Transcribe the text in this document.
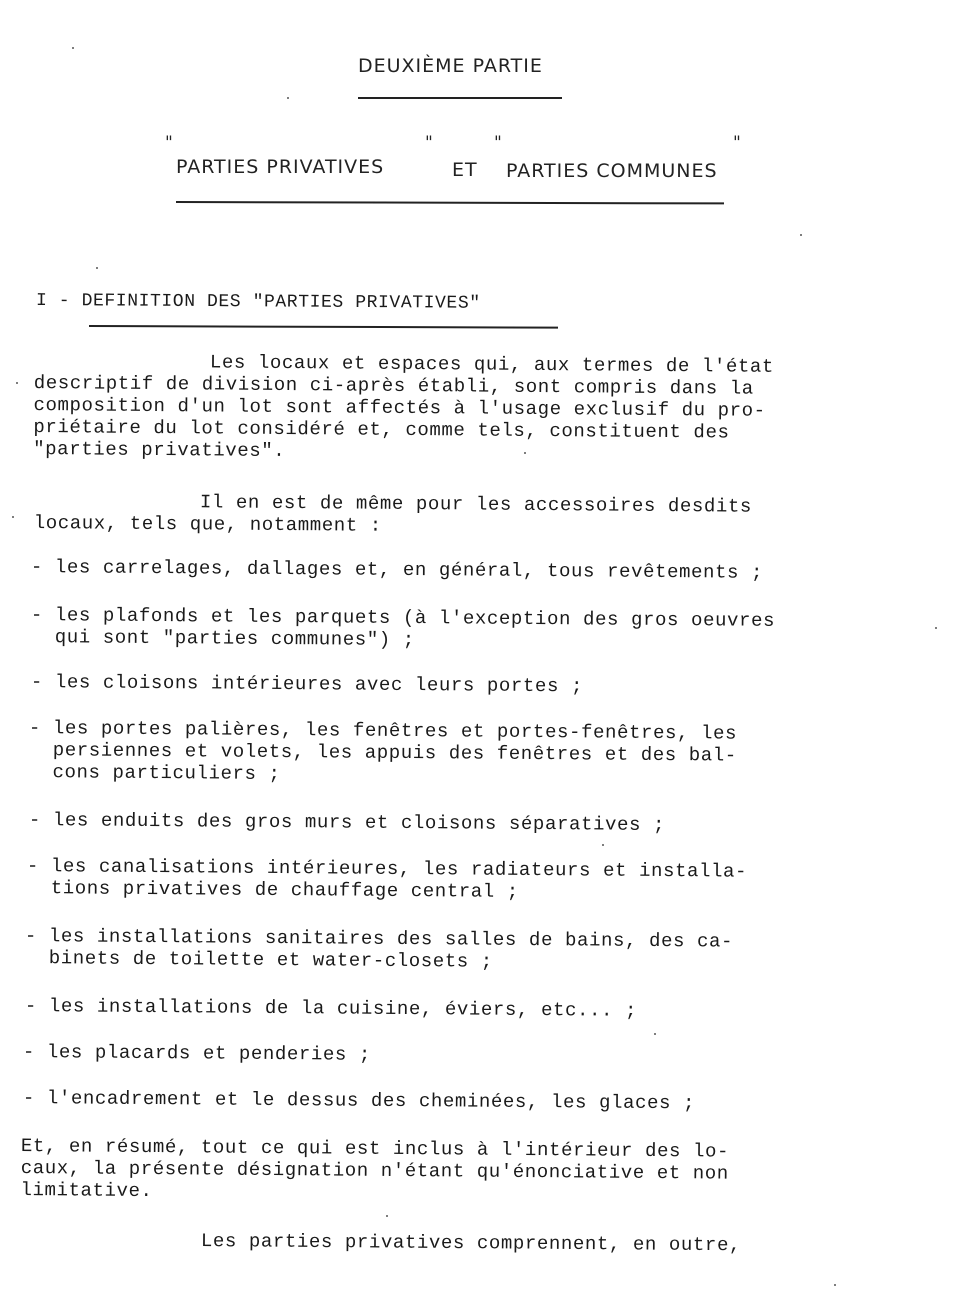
DEUXIÈME PARTIE
"	"	"	"
PARTIES PRIVATIVES	ET PARTIES COMMUNES
I - DEFINITION DES "PARTIES PRIVATIVES"
Les locaux et espaces qui, aux termes de l'état
descriptif de division ci-après établi, sont compris dans la
composition d'un lot sont affectés à l'usage exclusif du pro-
priétaire du lot considéré et, comme tels, constituent des
"parties privatives".
Il en est de même pour les accessoires desdits
locaux, tels que, notamment :
- les carrelages, dallages et, en général, tous revêtements ;
- les plafonds et les parquets (à l'exception des gros oeuvres
qui sont "parties communes") ;
- les cloisons intérieures avec leurs portes ;
- les portes palières, les fenêtres et portes-fenêtres, les
persiennes et volets, les appuis des fenêtres et des bal-
cons particuliers ;
- les enduits des gros murs et cloisons séparatives ;
- les canalisations intérieures, les radiateurs et installa-
tions privatives de chauffage central ;
- les installations sanitaires des salles de bains, des ca-
binets de toilette et water-closets ;
- les installations de la cuisine, éviers, etc... ;
- les placards et penderies ;
- l'encadrement et le dessus des cheminées, les glaces ;
Et, en résumé, tout ce qui est inclus à l'intérieur des lo-
caux, la présente désignation n'étant qu'énonciative et non
limitative.
Les parties privatives comprennent, en outre,
